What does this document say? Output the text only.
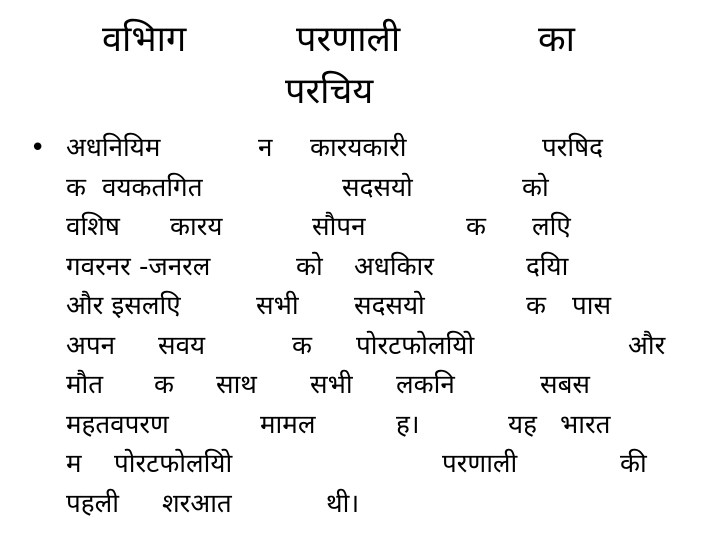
वभिाग	परणाली	का
परचिय
• अधनियिम	न कारयकारी	परषिद
क वयकतगित	सदसयो	को
वशिष कारय	सौपन	क लएि
गवरनर -जनरल	को अधकिार	दयिा
और इसलएि	सभी सदसयो	क पास
अपन सवय	क पोरटफोलयिो	और
मौत क साथ सभी लकनि	सबस
महतवपरण	मामल	ह।	यह भारत
म पोरटफोलयिो	परणाली	की
पहली शरआत	थी।
